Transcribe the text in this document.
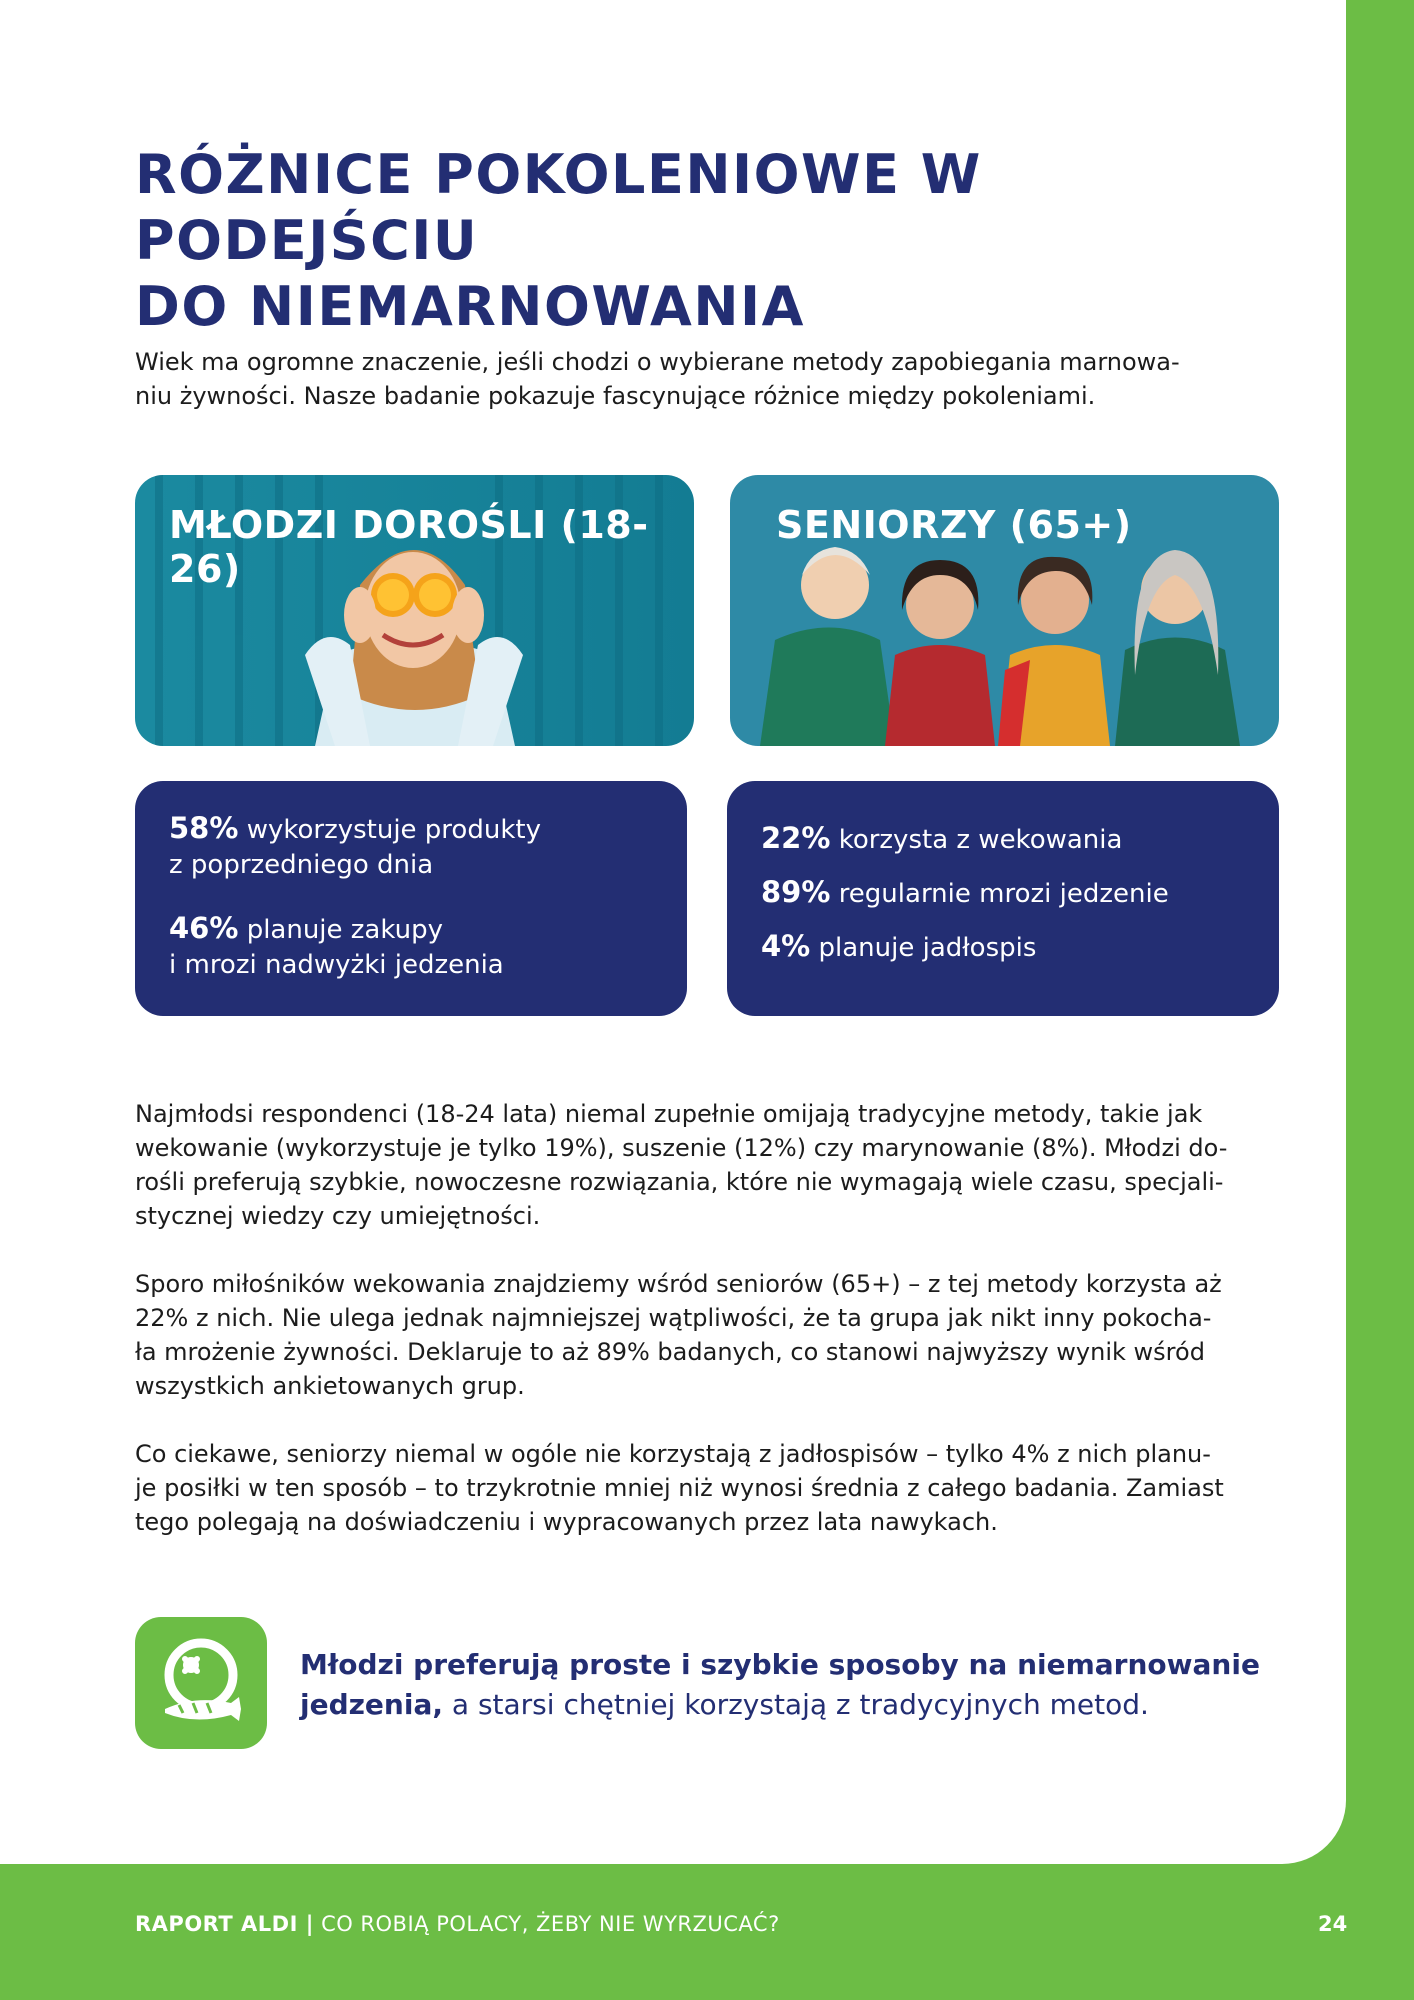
RÓŻNICE POKOLENIOWE W PODEJŚCIU
DO NIEMARNOWANIA

Wiek ma ogromne znaczenie, jeśli chodzi o wybierane metody zapobiegania marnowa-
niu żywności. Nasze badanie pokazuje fascynujące różnice między pokoleniami.

MŁODZI DOROŚLI (18-26)
SENIORZY (65+)
58% wykorzystuje produkty
z poprzedniego dnia
46% planuje zakupy
i mrozi nadwyżki jedzenia
22% korzysta z wekowania
89% regularnie mrozi jedzenie
4% planuje jadłospis

Najmłodsi respondenci (18-24 lata) niemal zupełnie omijają tradycyjne metody, takie jak
wekowanie (wykorzystuje je tylko 19%), suszenie (12%) czy marynowanie (8%). Młodzi do-
rośli preferują szybkie, nowoczesne rozwiązania, które nie wymagają wiele czasu, specjali-
stycznej wiedzy czy umiejętności.

Sporo miłośników wekowania znajdziemy wśród seniorów (65+) – z tej metody korzysta aż
22% z nich. Nie ulega jednak najmniejszej wątpliwości, że ta grupa jak nikt inny pokocha-
ła mrożenie żywności. Deklaruje to aż 89% badanych, co stanowi najwyższy wynik wśród
wszystkich ankietowanych grup.

Co ciekawe, seniorzy niemal w ogóle nie korzystają z jadłospisów – tylko 4% z nich planu-
je posiłki w ten sposób – to trzykrotnie mniej niż wynosi średnia z całego badania. Zamiast
tego polegają na doświadczeniu i wypracowanych przez lata nawykach.

Młodzi preferują proste i szybkie sposoby na niemarnowanie
jedzenia, a starsi chętniej korzystają z tradycyjnych metod.

RAPORT ALDI | CO ROBIĄ POLACY, ŻEBY NIE WYRZUCAĆ?	24
